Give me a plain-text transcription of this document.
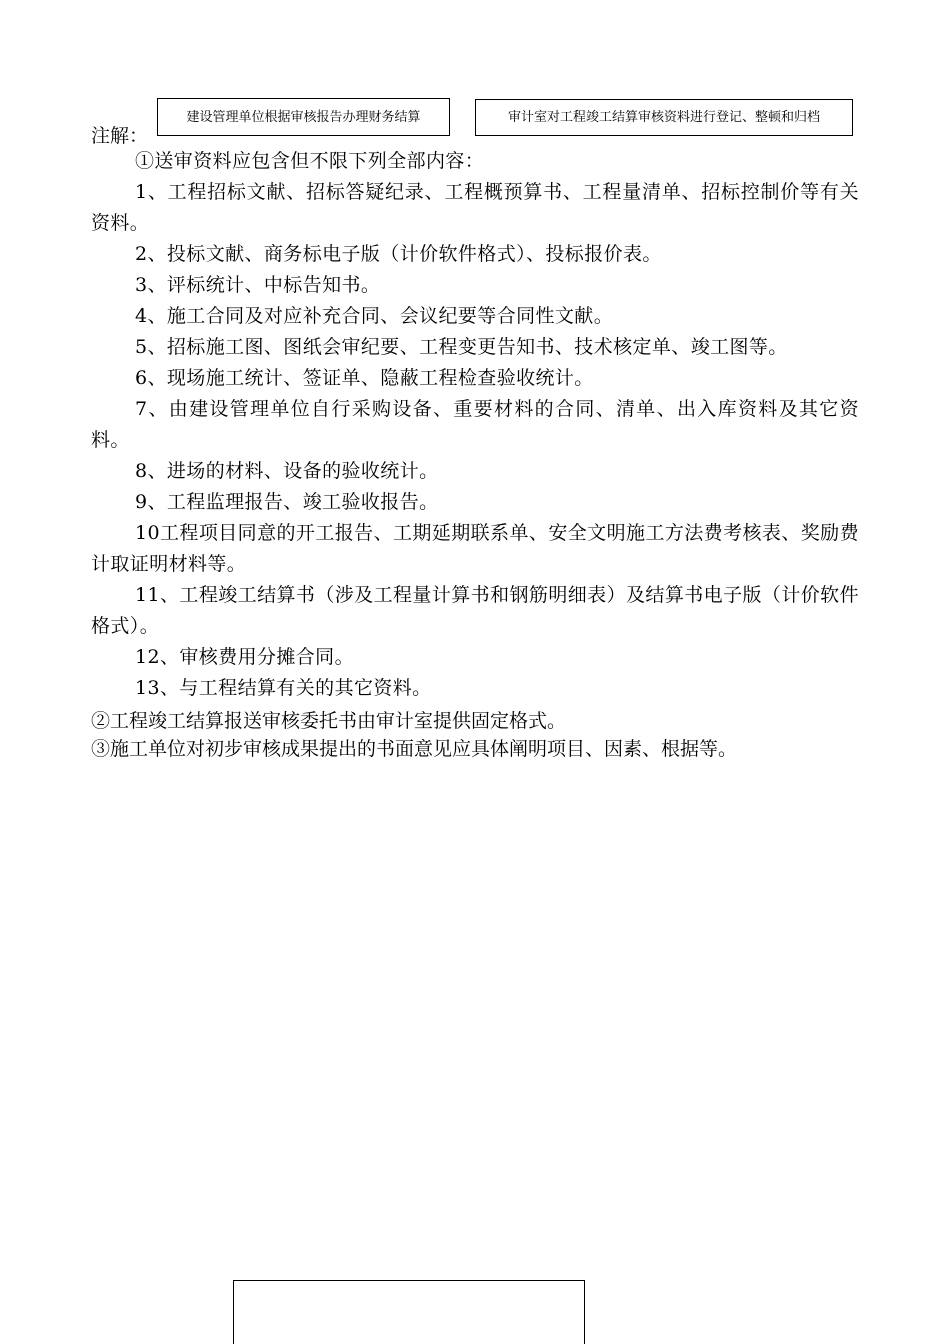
建设管理单位根据审核报告办理财务结算	审计室对工程竣工结算审核资料进行登记、整顿和归档
注解：

①送审资料应包含但不限下列全部内容：

1、工程招标文献、招标答疑纪录、工程概预算书、工程量清单、招标控制价等有关资料。

2、投标文献、商务标电子版（计价软件格式）、投标报价表。

3、评标统计、中标告知书。

4、施工合同及对应补充合同、会议纪要等合同性文献。

5、招标施工图、图纸会审纪要、工程变更告知书、技术核定单、竣工图等。

6、现场施工统计、签证单、隐蔽工程检查验收统计。

7、由建设管理单位自行采购设备、重要材料的合同、清单、出入库资料及其它资料。

8、进场的材料、设备的验收统计。

9、工程监理报告、竣工验收报告。

10工程项目同意的开工报告、工期延期联系单、安全文明施工方法费考核表、奖励费计取证明材料等。

11、工程竣工结算书（涉及工程量计算书和钢筋明细表）及结算书电子版（计价软件格式）。

12、审核费用分摊合同。

13、与工程结算有关的其它资料。

②工程竣工结算报送审核委托书由审计室提供固定格式。

③施工单位对初步审核成果提出的书面意见应具体阐明项目、因素、根据等。
